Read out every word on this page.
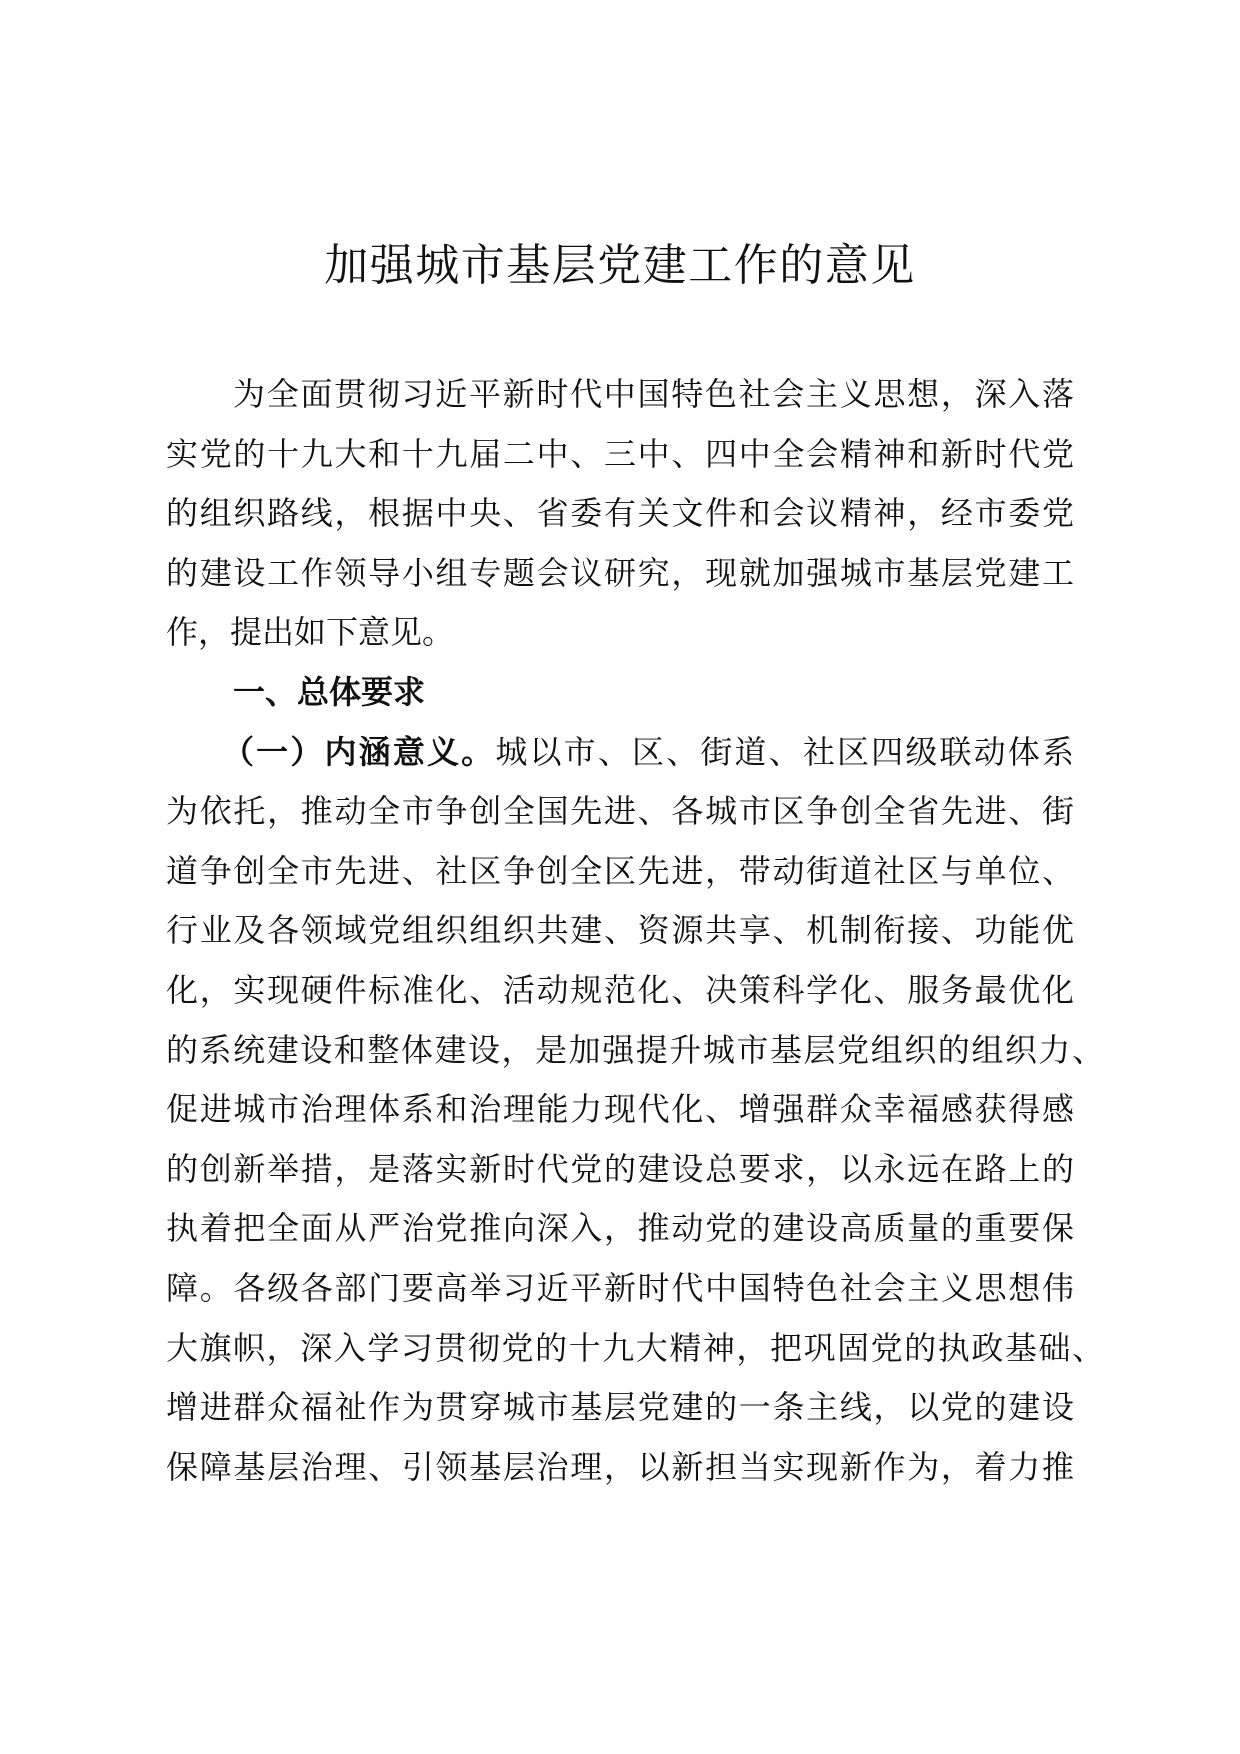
加强城市基层党建工作的意见
为全面贯彻习近平新时代中国特色社会主义思想，深入落
实党的十九大和十九届二中、三中、四中全会精神和新时代党
的组织路线，根据中央、省委有关文件和会议精神，经市委党
的建设工作领导小组专题会议研究，现就加强城市基层党建工
作，提出如下意见。
一、总体要求
（一）内涵意义。城以市、区、街道、社区四级联动体系
为依托，推动全市争创全国先进、各城市区争创全省先进、街
道争创全市先进、社区争创全区先进，带动街道社区与单位、
行业及各领域党组织组织共建、资源共享、机制衔接、功能优
化，实现硬件标准化、活动规范化、决策科学化、服务最优化
的系统建设和整体建设，是加强提升城市基层党组织的组织力、
促进城市治理体系和治理能力现代化、增强群众幸福感获得感
的创新举措，是落实新时代党的建设总要求，以永远在路上的
执着把全面从严治党推向深入，推动党的建设高质量的重要保
障。各级各部门要高举习近平新时代中国特色社会主义思想伟
大旗帜，深入学习贯彻党的十九大精神，把巩固党的执政基础、
增进群众福祉作为贯穿城市基层党建的一条主线，以党的建设
保障基层治理、引领基层治理，以新担当实现新作为，着力推
